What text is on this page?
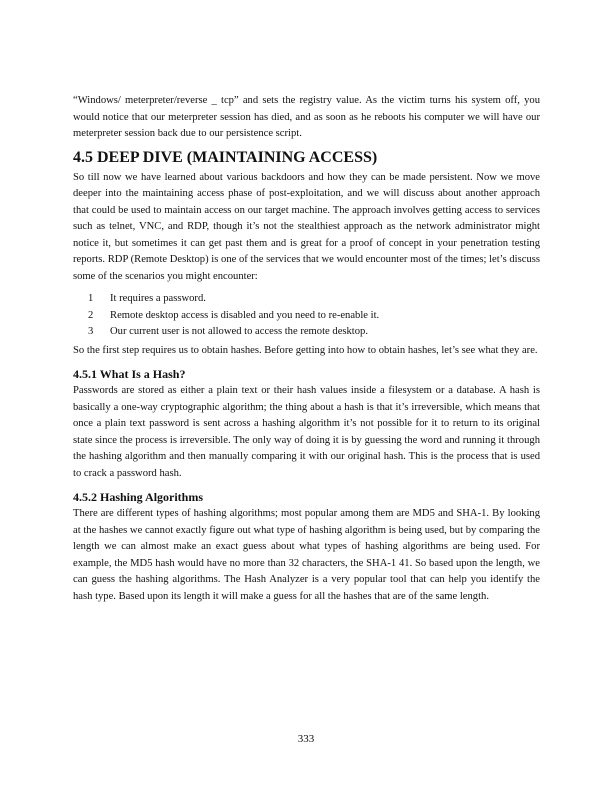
“Windows/ meterpreter/reverse _ tcp” and sets the registry value. As the victim turns his system off, you would notice that our meterpreter session has died, and as soon as he reboots his computer we will have our meterpreter session back due to our persistence script.

4.5 DEEP DIVE (MAINTAINING ACCESS)

So till now we have learned about various backdoors and how they can be made persistent. Now we move deeper into the maintaining access phase of post-exploitation, and we will discuss about another approach that could be used to maintain access on our target machine. The approach involves getting access to services such as telnet, VNC, and RDP, though it’s not the stealthiest approach as the network administrator might notice it, but sometimes it can get past them and is great for a proof of concept in your penetration testing reports. RDP (Remote Desktop) is one of the services that we would encounter most of the times; let’s discuss some of the scenarios you might encounter:

1	It requires a password.
2	Remote desktop access is disabled and you need to re-enable it.
3	Our current user is not allowed to access the remote desktop.

So the first step requires us to obtain hashes. Before getting into how to obtain hashes, let’s see what they are.

4.5.1 What Is a Hash?

Passwords are stored as either a plain text or their hash values inside a filesystem or a database. A hash is basically a one-way cryptographic algorithm; the thing about a hash is that it’s irreversible, which means that once a plain text password is sent across a hashing algorithm it’s not possible for it to return to its original state since the process is irreversible. The only way of doing it is by guessing the word and running it through the hashing algorithm and then manually comparing it with our original hash. This is the process that is used to crack a password hash.

4.5.2 Hashing Algorithms

There are different types of hashing algorithms; most popular among them are MD5 and SHA-1. By looking at the hashes we cannot exactly figure out what type of hashing algorithm is being used, but by comparing the length we can almost make an exact guess about what types of hashing algorithms are being used. For example, the MD5 hash would have no more than 32 characters, the SHA-1 41. So based upon the length, we can guess the hashing algorithms. The Hash Analyzer is a very popular tool that can help you identify the hash type. Based upon its length it will make a guess for all the hashes that are of the same length.

333
